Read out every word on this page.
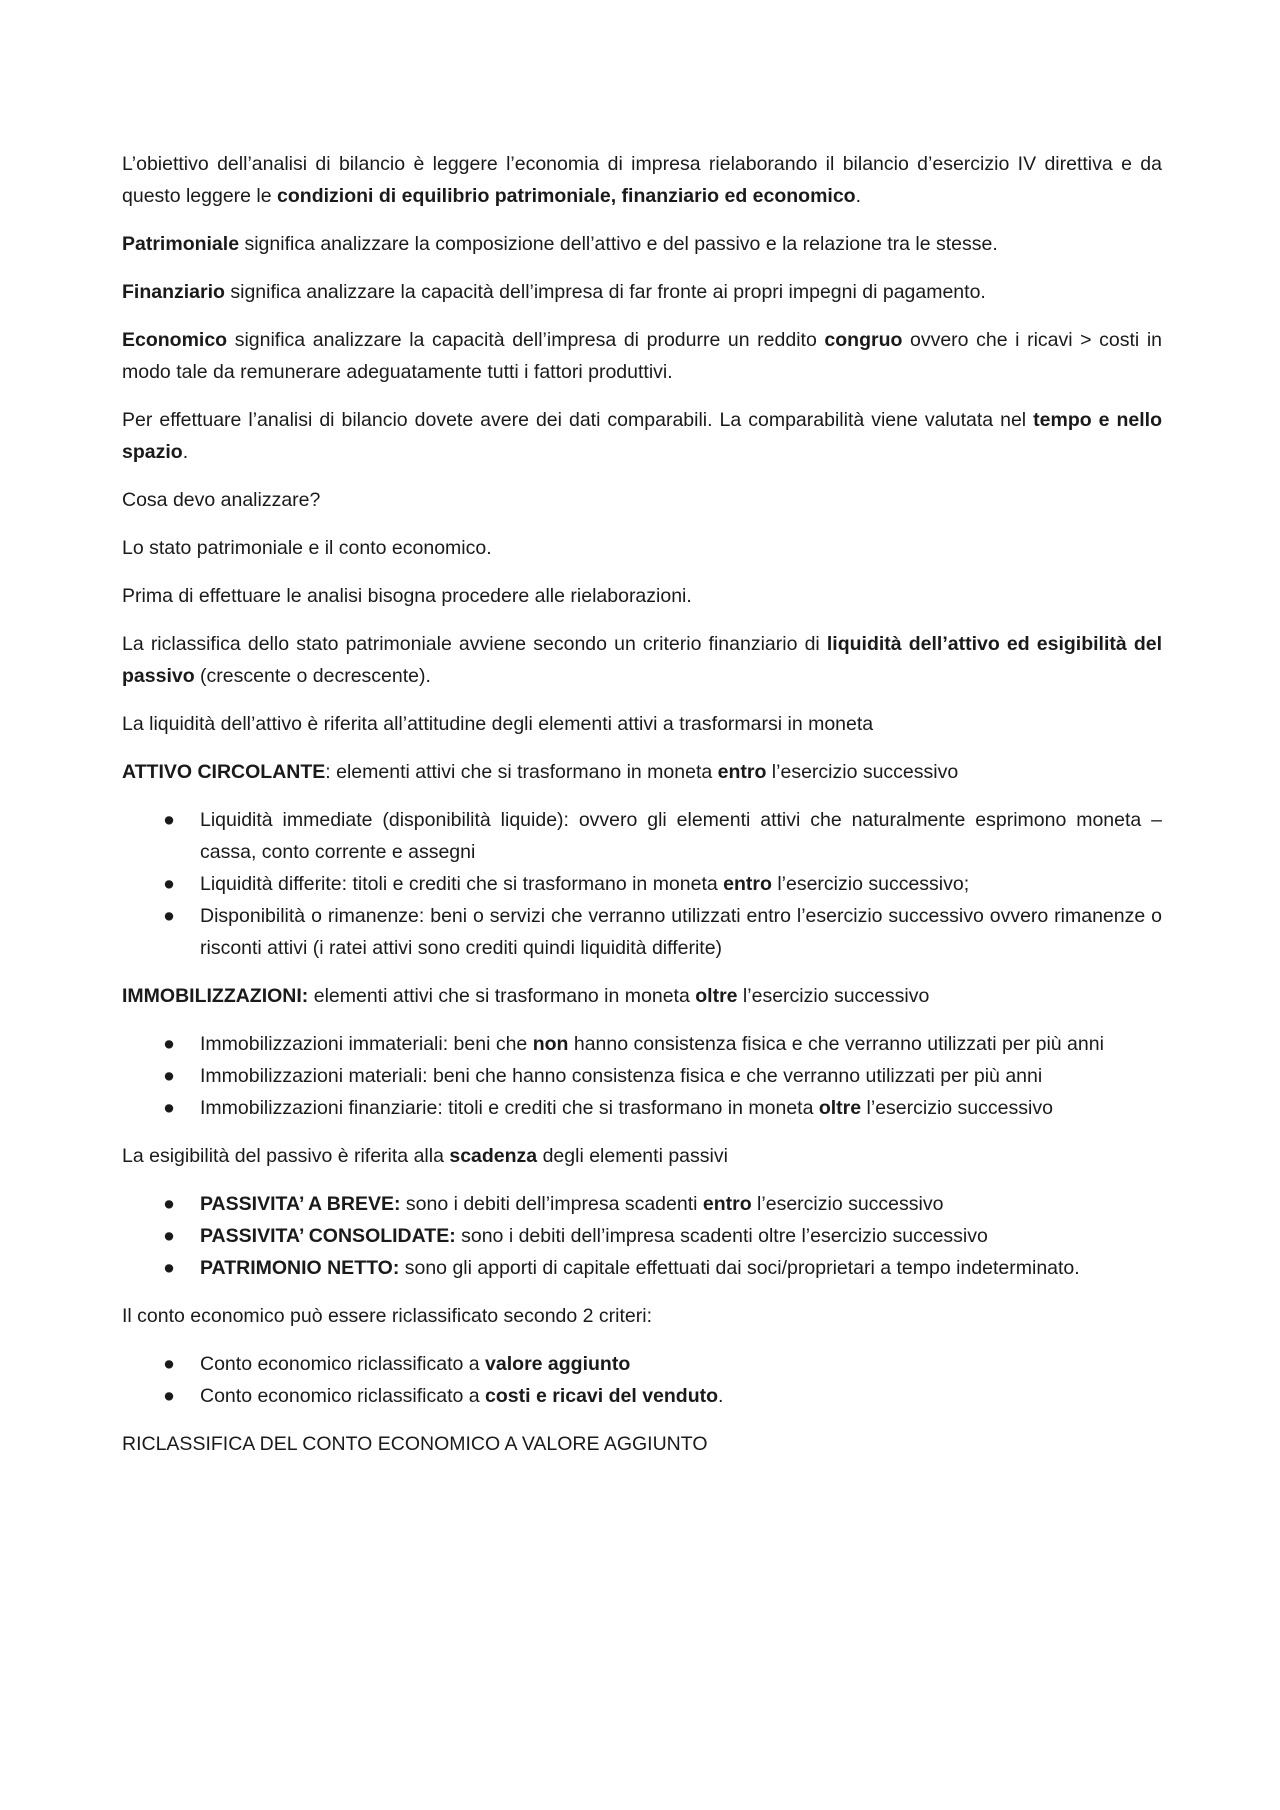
L’obiettivo dell’analisi di bilancio è leggere l’economia di impresa rielaborando il bilancio d’esercizio IV direttiva e da questo leggere le condizioni di equilibrio patrimoniale, finanziario ed economico.

Patrimoniale significa analizzare la composizione dell’attivo e del passivo e la relazione tra le stesse.

Finanziario significa analizzare la capacità dell’impresa di far fronte ai propri impegni di pagamento.

Economico significa analizzare la capacità dell’impresa di produrre un reddito congruo ovvero che i ricavi > costi in modo tale da remunerare adeguatamente tutti i fattori produttivi.

Per effettuare l’analisi di bilancio dovete avere dei dati comparabili. La comparabilità viene valutata nel tempo e nello spazio.

Cosa devo analizzare?

Lo stato patrimoniale e il conto economico.

Prima di effettuare le analisi bisogna procedere alle rielaborazioni.

La riclassifica dello stato patrimoniale avviene secondo un criterio finanziario di liquidità dell’attivo ed esigibilità del passivo (crescente o decrescente).

La liquidità dell’attivo è riferita all’attitudine degli elementi attivi a trasformarsi in moneta

ATTIVO CIRCOLANTE: elementi attivi che si trasformano in moneta entro l’esercizio successivo

● Liquidità immediate (disponibilità liquide): ovvero gli elementi attivi che naturalmente esprimono moneta – cassa, conto corrente e assegni
● Liquidità differite: titoli e crediti che si trasformano in moneta entro l’esercizio successivo;
● Disponibilità o rimanenze: beni o servizi che verranno utilizzati entro l’esercizio successivo ovvero rimanenze o risconti attivi (i ratei attivi sono crediti quindi liquidità differite)

IMMOBILIZZAZIONI: elementi attivi che si trasformano in moneta oltre l’esercizio successivo

● Immobilizzazioni immateriali: beni che non hanno consistenza fisica e che verranno utilizzati per più anni
● Immobilizzazioni materiali: beni che hanno consistenza fisica e che verranno utilizzati per più anni
● Immobilizzazioni finanziarie: titoli e crediti che si trasformano in moneta oltre l’esercizio successivo

La esigibilità del passivo è riferita alla scadenza degli elementi passivi

● PASSIVITA’ A BREVE: sono i debiti dell’impresa scadenti entro l’esercizio successivo
● PASSIVITA’ CONSOLIDATE: sono i debiti dell’impresa scadenti oltre l’esercizio successivo
● PATRIMONIO NETTO: sono gli apporti di capitale effettuati dai soci/proprietari a tempo indeterminato.

Il conto economico può essere riclassificato secondo 2 criteri:

● Conto economico riclassificato a valore aggiunto
● Conto economico riclassificato a costi e ricavi del venduto.

RICLASSIFICA DEL CONTO ECONOMICO A VALORE AGGIUNTO
